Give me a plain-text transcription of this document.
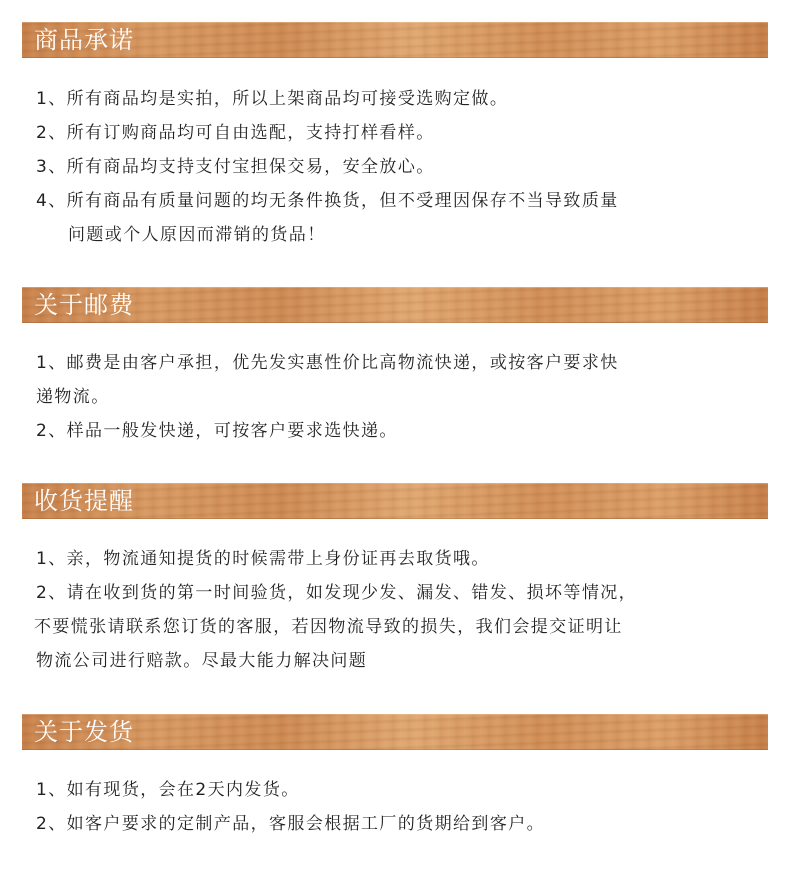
商品承诺
1、所有商品均是实拍，所以上架商品均可接受选购定做。
2、所有订购商品均可自由选配，支持打样看样。
3、所有商品均支持支付宝担保交易，安全放心。
4、所有商品有质量问题的均无条件换货，但不受理因保存不当导致质量
问题或个人原因而滞销的货品！
关于邮费
1、邮费是由客户承担，优先发实惠性价比高物流快递，或按客户要求快
递物流。
2、样品一般发快递，可按客户要求选快递。
收货提醒
1、亲，物流通知提货的时候需带上身份证再去取货哦。
2、请在收到货的第一时间验货，如发现少发、漏发、错发、损坏等情况，
不要慌张请联系您订货的客服，若因物流导致的损失，我们会提交证明让
物流公司进行赔款。尽最大能力解决问题
关于发货
1、如有现货，会在2天内发货。
2、如客户要求的定制产品，客服会根据工厂的货期给到客户。
